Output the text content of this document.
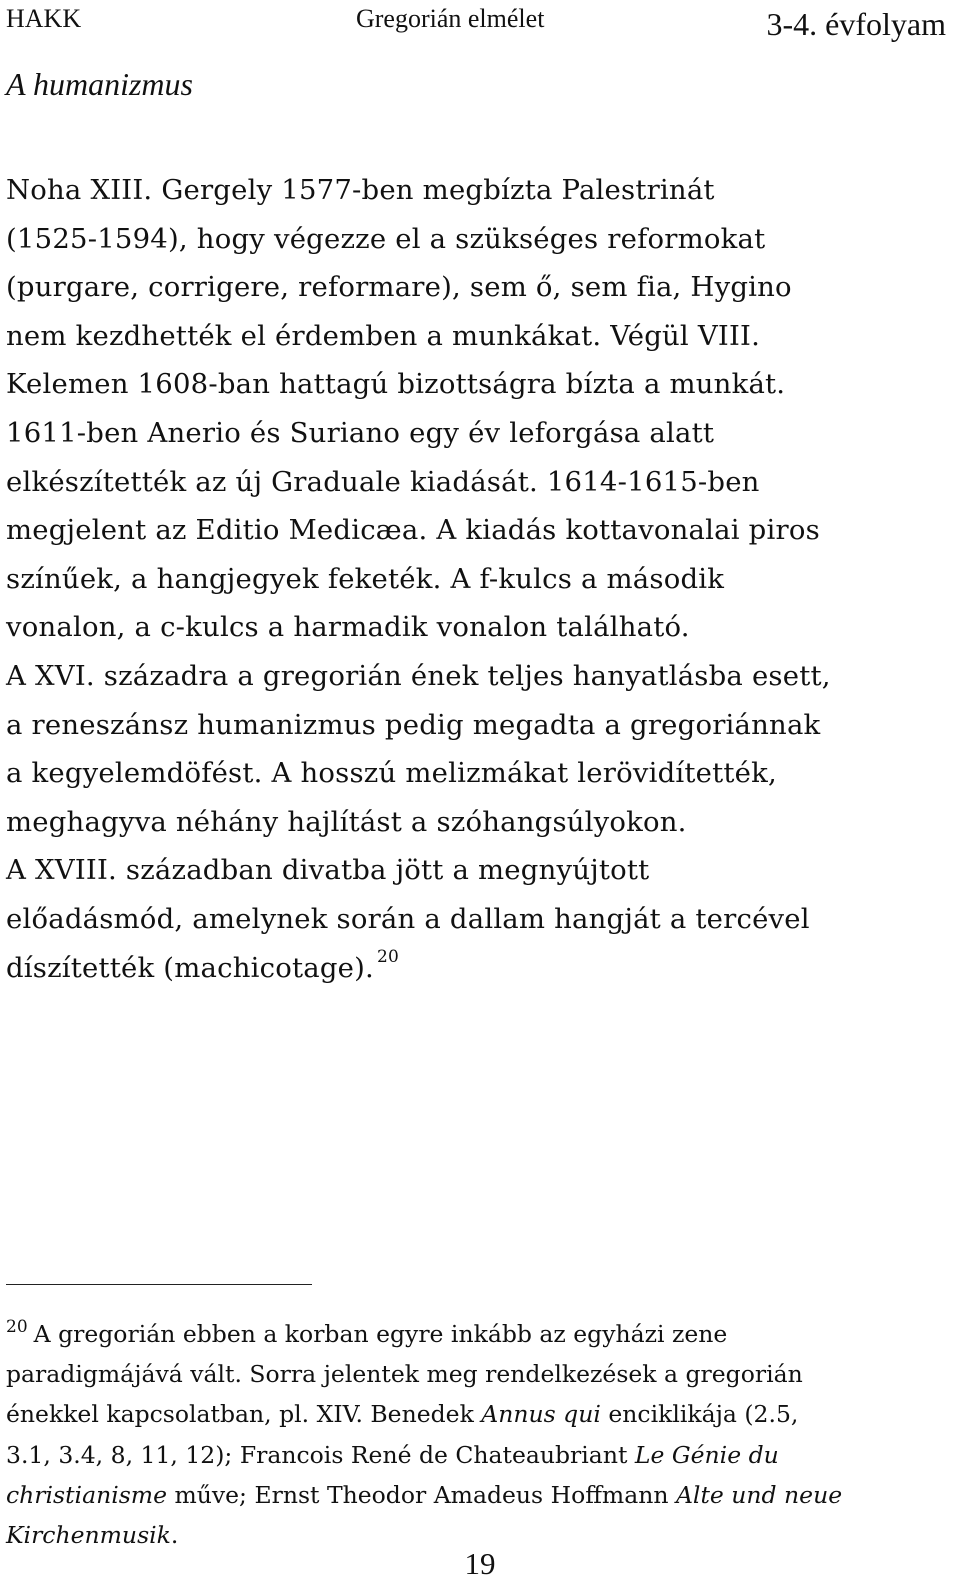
HAKK	Gregorián elmélet	3-4. évfolyam
A humanizmus

Noha XIII. Gergely 1577-ben megbízta Palestrinát
(1525-1594), hogy végezze el a szükséges reformokat
(purgare, corrigere, reformare), sem ő, sem fia, Hygino
nem kezdhették el érdemben a munkákat. Végül VIII.
Kelemen 1608-ban hattagú bizottságra bízta a munkát.
1611-ben Anerio és Suriano egy év leforgása alatt
elkészítették az új Graduale kiadását. 1614-1615-ben
megjelent az Editio Medicæa. A kiadás kottavonalai piros
színűek, a hangjegyek feketék. A f-kulcs a második
vonalon, a c-kulcs a harmadik vonalon található.
A XVI. századra a gregorián ének teljes hanyatlásba esett,
a reneszánsz humanizmus pedig megadta a gregoriánnak
a kegyelemdöfést. A hosszú melizmákat lerövidítették,
meghagyva néhány hajlítást a szóhangsúlyokon.
A XVIII. században divatba jött a megnyújtott
előadásmód, amelynek során a dallam hangját a tercével
díszítették (machicotage). $^{20}$

$^{20}$ A gregorián ebben a korban egyre inkább az egyházi zene
paradigmájává vált. Sorra jelentek meg rendelkezések a gregorián
énekkel kapcsolatban, pl. XIV. Benedek Annus qui enciklikája (2.5,
3.1, 3.4, 8, 11, 12); Francois René de Chateaubriant Le Génie du
christianisme műve; Ernst Theodor Amadeus Hoffmann Alte und neue
Kirchenmusik.

19
